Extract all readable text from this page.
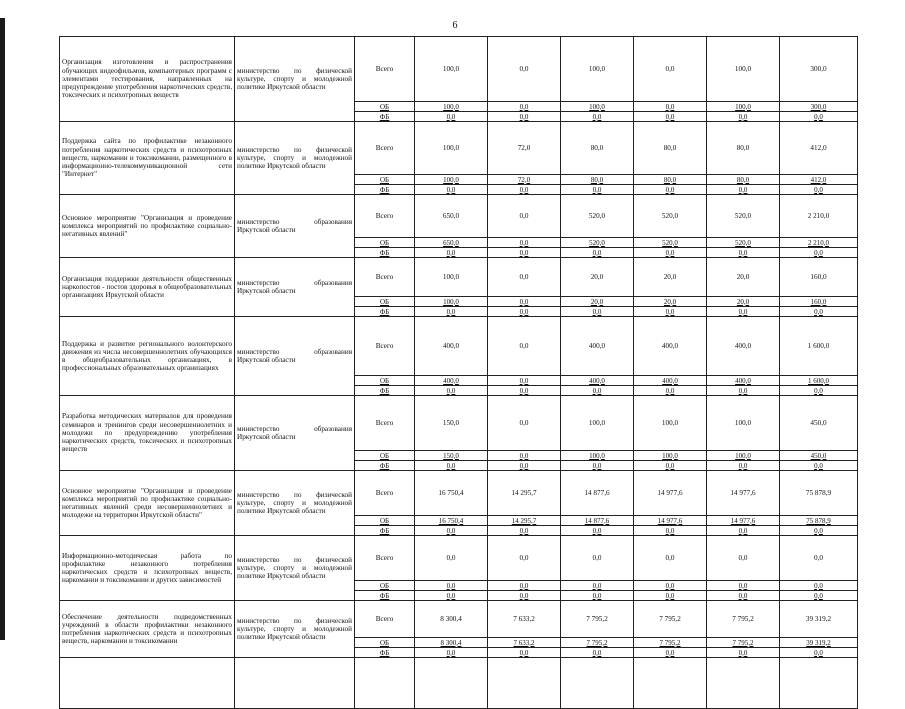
6
Организация изготовления и распространения обучающих видеофильмов, компьютерных программ с элементами тестирования, направленных на предупреждение употребления наркотических средств, токсических и психотропных веществ	министерство по физической культуре, спорту и молодежной политике Иркутской области	Всего	100,0	0,0	100,0	0,0	100,0	300,0
		ОБ	100,0	0,0	100,0	0,0	100,0	300,0
		ФБ	0,0	0,0	0,0	0,0	0,0	0,0
Поддержка сайта по профилактике незаконного потребления наркотических средств и психотропных веществ, наркомании и токсикомании, размещенного в информационно-телекоммуникационной сети "Интернет"	министерство по физической культуре, спорту и молодежной политике Иркутской области	Всего	100,0	72,0	80,0	80,0	80,0	412,0
		ОБ	100,0	72,0	80,0	80,0	80,0	412,0
		ФБ	0,0	0,0	0,0	0,0	0,0	0,0
Основное мероприятие "Организация и проведение комплекса мероприятий по профилактике социально-негативных явлений"	министерство образования Иркутской области	Всего	650,0	0,0	520,0	520,0	520,0	2 210,0
		ОБ	650,0	0,0	520,0	520,0	520,0	2 210,0
		ФБ	0,0	0,0	0,0	0,0	0,0	0,0
Организация поддержки деятельности общественных наркопостов - постов здоровья в общеобразовательных организациях Иркутской области	министерство образования Иркутской области	Всего	100,0	0,0	20,0	20,0	20,0	160,0
		ОБ	100,0	0,0	20,0	20,0	20,0	160,0
		ФБ	0,0	0,0	0,0	0,0	0,0	0,0
Поддержка и развитие регионального волонтерского движения из числа несовершеннолетних обучающихся в общеобразовательных организациях, в профессиональных образовательных организациях	министерство образования Иркутской области	Всего	400,0	0,0	400,0	400,0	400,0	1 600,0
		ОБ	400,0	0,0	400,0	400,0	400,0	1 600,0
		ФБ	0,0	0,0	0,0	0,0	0,0	0,0
Разработка методических материалов для проведения семинаров и тренингов среди несовершеннолетних и молодежи по предупреждению употребления наркотических средств, токсических и психотропных веществ	министерство образования Иркутской области	Всего	150,0	0,0	100,0	100,0	100,0	450,0
		ОБ	150,0	0,0	100,0	100,0	100,0	450,0
		ФБ	0,0	0,0	0,0	0,0	0,0	0,0
Основное мероприятие "Организация и проведение комплекса мероприятий по профилактике социально-негативных явлений среди несовершеннолетних и молодежи на территории Иркутской области"	министерство по физической культуре, спорту и молодежной политике Иркутской области	Всего	16 750,4	14 295,7	14 877,6	14 977,6	14 977,6	75 878,9
		ОБ	16 750,4	14 295,7	14 877,6	14 977,6	14 977,6	75 878,9
		ФБ	0,0	0,0	0,0	0,0	0,0	0,0
Информационно-методическая работа по профилактике незаконного потребления наркотических средств и психотропных веществ, наркомании и токсикомании и других зависимостей	министерство по физической культуре, спорту и молодежной политике Иркутской области	Всего	0,0	0,0	0,0	0,0	0,0	0,0
		ОБ	0,0	0,0	0,0	0,0	0,0	0,0
		ФБ	0,0	0,0	0,0	0,0	0,0	0,0
Обеспечение деятельности подведомственных учреждений в области профилактики незаконного потребления наркотических средств и психотропных веществ, наркомании и токсикомании	министерство по физической культуре, спорту и молодежной политике Иркутской области	Всего	8 300,4	7 633,2	7 795,2	7 795,2	7 795,2	39 319,2
		ОБ	8 300,4	7 633,2	7 795,2	7 795,2	7 795,2	39 319,2
		ФБ	0,0	0,0	0,0	0,0	0,0	0,0
